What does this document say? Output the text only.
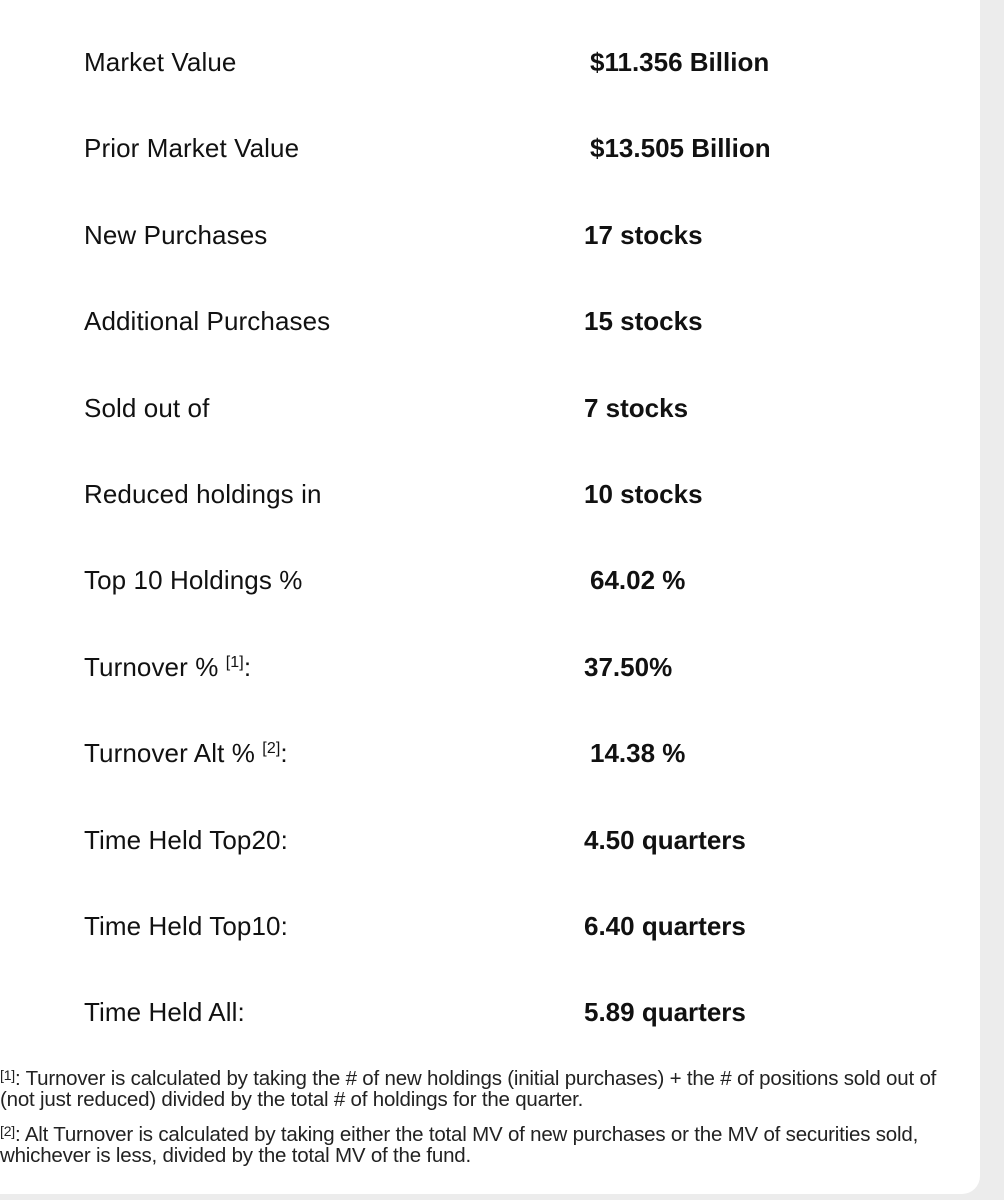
Market Value	$11.356 Billion
Prior Market Value	$13.505 Billion
New Purchases	17 stocks
Additional Purchases	15 stocks
Sold out of	7 stocks
Reduced holdings in	10 stocks
Top 10 Holdings %	64.02 %
Turnover % [1]:	37.50%
Turnover Alt % [2]:	14.38 %
Time Held Top20:	4.50 quarters
Time Held Top10:	6.40 quarters
Time Held All:	5.89 quarters

[1]: Turnover is calculated by taking the # of new holdings (initial purchases) + the # of positions sold out of (not just reduced) divided by the total # of holdings for the quarter.

[2]: Alt Turnover is calculated by taking either the total MV of new purchases or the MV of securities sold, whichever is less, divided by the total MV of the fund.
